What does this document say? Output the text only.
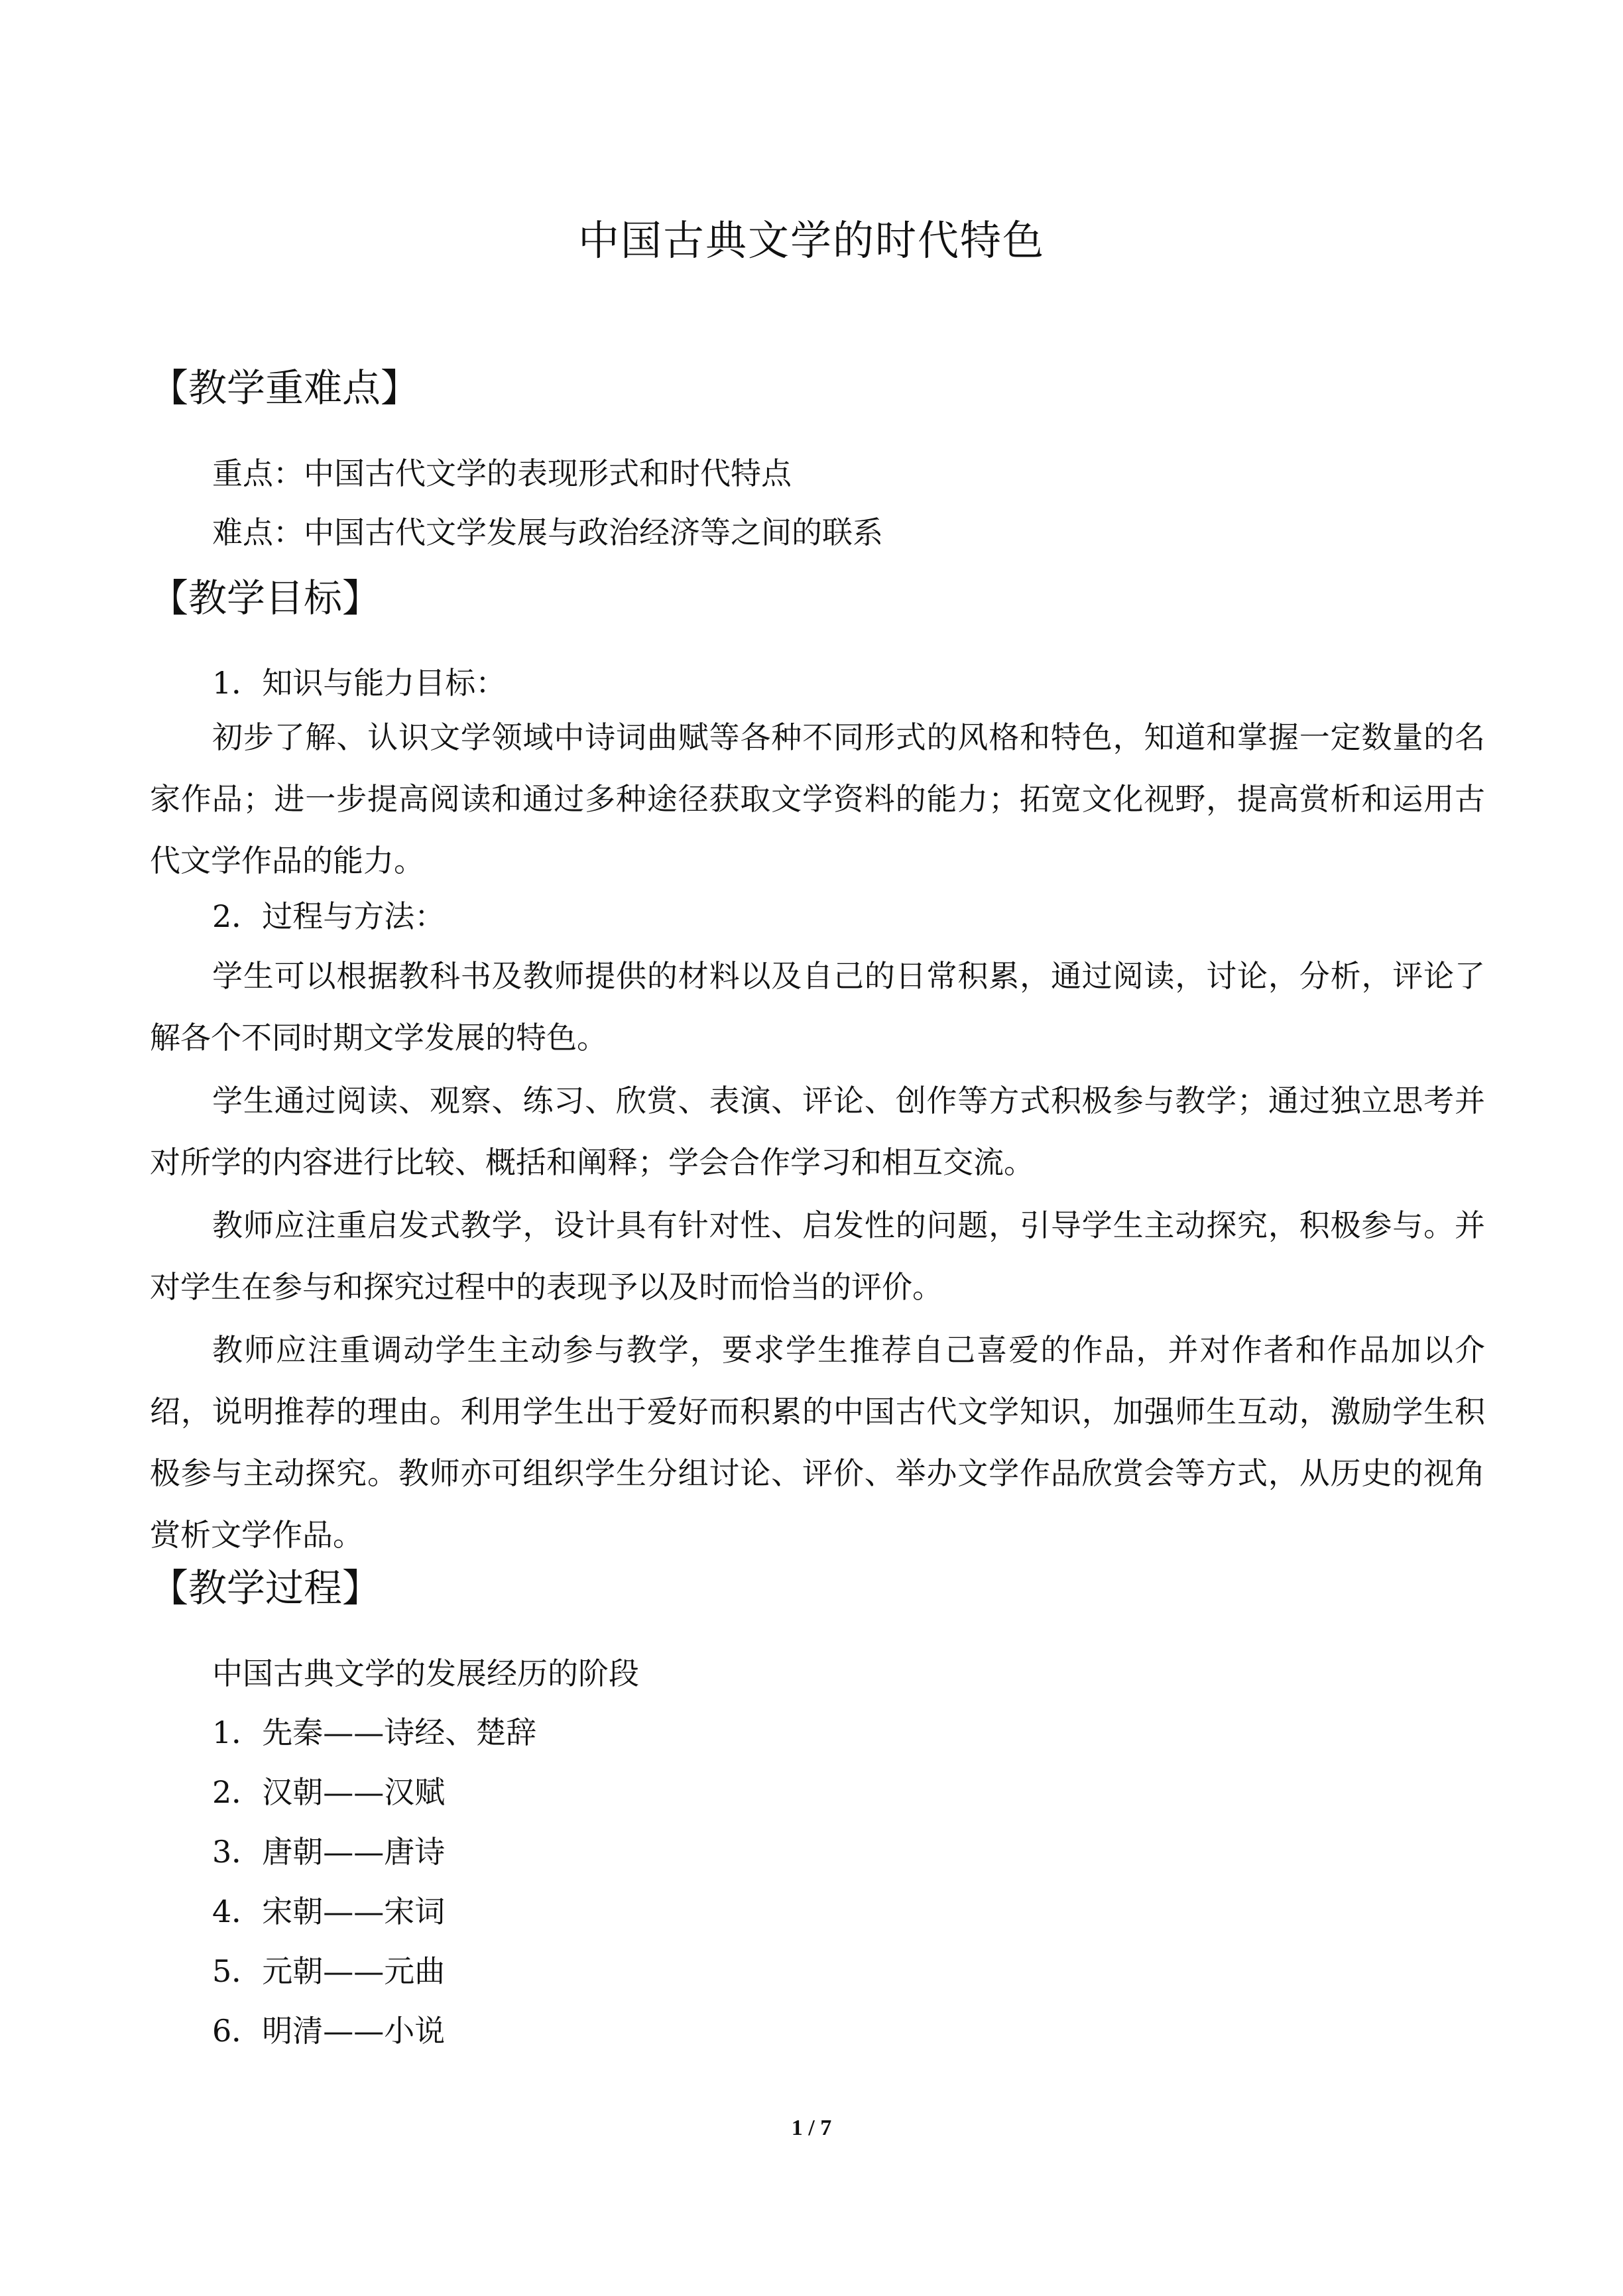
中国古典文学的时代特色
【教学重难点】
重点：中国古代文学的表现形式和时代特点
难点：中国古代文学发展与政治经济等之间的联系
【教学目标】
1．知识与能力目标：

初步了解、认识文学领域中诗词曲赋等各种不同形式的风格和特色，知道和掌握一定数量的名家作品；进一步提高阅读和通过多种途径获取文学资料的能力；拓宽文化视野，提高赏析和运用古代文学作品的能力。

2．过程与方法：

学生可以根据教科书及教师提供的材料以及自己的日常积累，通过阅读，讨论，分析，评论了解各个不同时期文学发展的特色。

学生通过阅读、观察、练习、欣赏、表演、评论、创作等方式积极参与教学；通过独立思考并对所学的内容进行比较、概括和阐释；学会合作学习和相互交流。

教师应注重启发式教学，设计具有针对性、启发性的问题，引导学生主动探究，积极参与。并对学生在参与和探究过程中的表现予以及时而恰当的评价。

教师应注重调动学生主动参与教学，要求学生推荐自己喜爱的作品，并对作者和作品加以介绍，说明推荐的理由。利用学生出于爱好而积累的中国古代文学知识，加强师生互动，激励学生积极参与主动探究。教师亦可组织学生分组讨论、评价、举办文学作品欣赏会等方式，从历史的视角赏析文学作品。

【教学过程】
中国古典文学的发展经历的阶段
1．先秦——诗经、楚辞
2．汉朝——汉赋
3．唐朝——唐诗
4．宋朝——宋词
5．元朝——元曲
6．明清——小说
1 / 7
